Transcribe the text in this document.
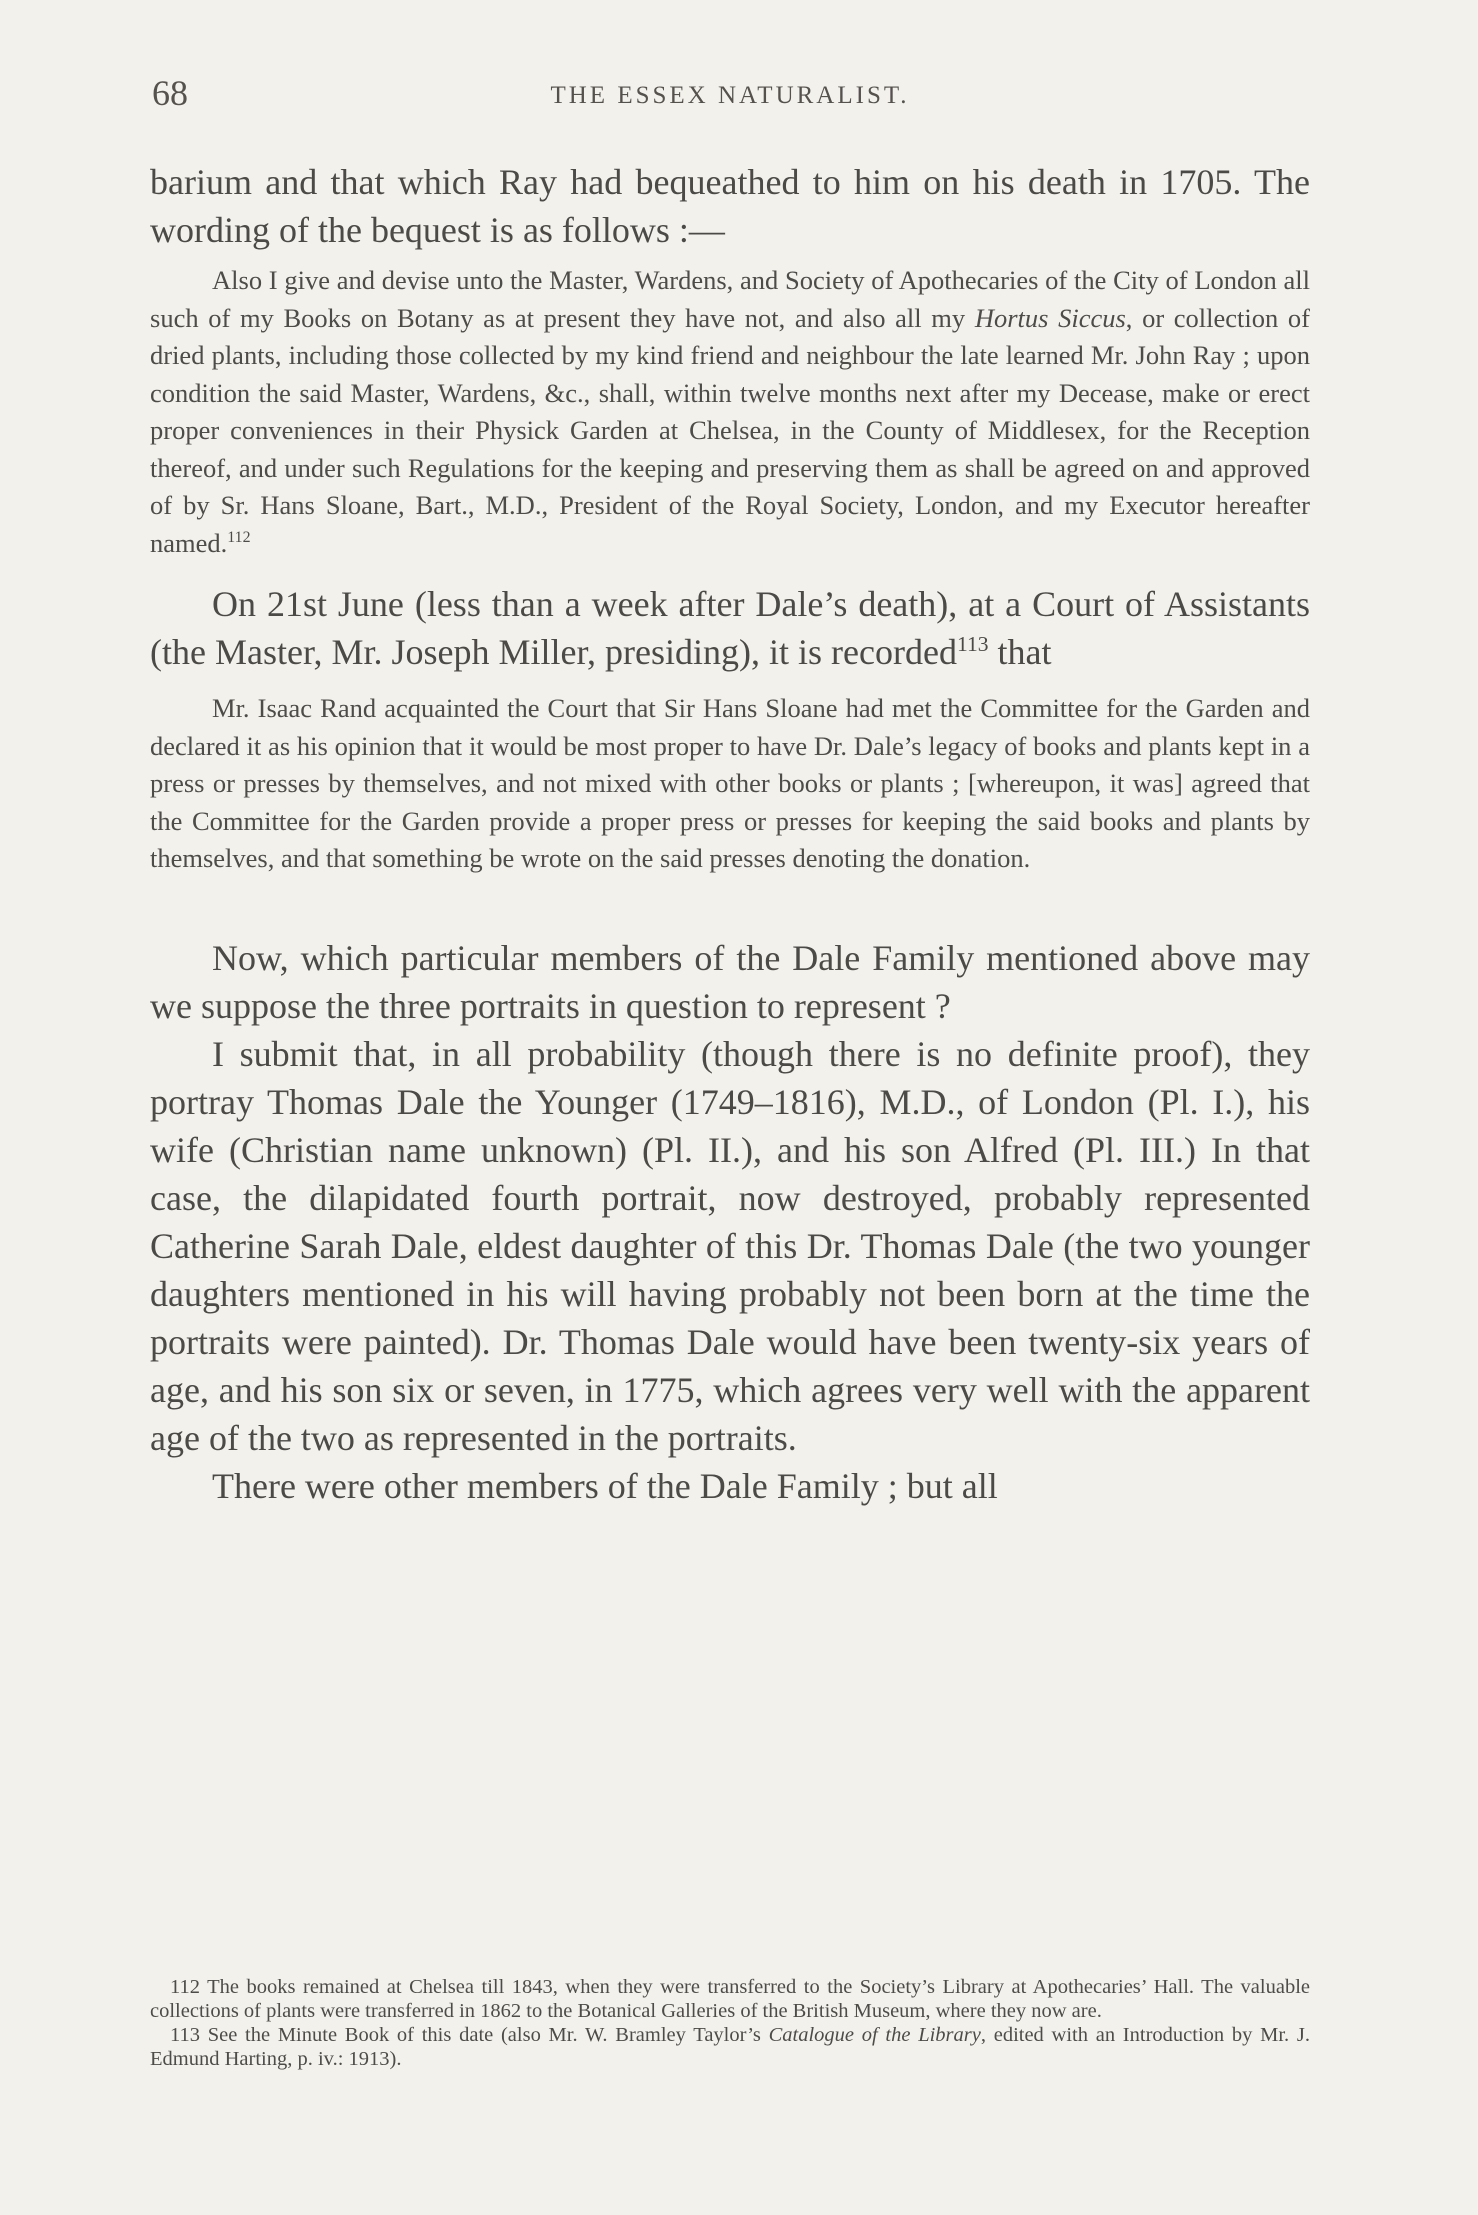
68	THE ESSEX NATURALIST.

barium and that which Ray had bequeathed to him on his death in 1705. The wording of the bequest is as follows :—

Also I give and devise unto the Master, Wardens, and Society of Apothecaries of the City of London all such of my Books on Botany as at present they have not, and also all my Hortus Siccus, or collection of dried plants, including those collected by my kind friend and neighbour the late learned Mr. John Ray ; upon condition the said Master, Wardens, &c., shall, within twelve months next after my Decease, make or erect proper conveniences in their Physick Garden at Chelsea, in the County of Middlesex, for the Reception thereof, and under such Regulations for the keeping and preserving them as shall be agreed on and approved of by Sr. Hans Sloane, Bart., M.D., President of the Royal Society, London, and my Executor hereafter named.$^{112}$

On 21st June (less than a week after Dale’s death), at a Court of Assistants (the Master, Mr. Joseph Miller, presiding), it is recorded$^{113}$ that

Mr. Isaac Rand acquainted the Court that Sir Hans Sloane had met the Committee for the Garden and declared it as his opinion that it would be most proper to have Dr. Dale’s legacy of books and plants kept in a press or presses by themselves, and not mixed with other books or plants ; [whereupon, it was] agreed that the Committee for the Garden provide a proper press or presses for keeping the said books and plants by themselves, and that something be wrote on the said presses denoting the donation.

Now, which particular members of the Dale Family mentioned above may we suppose the three portraits in question to represent ?

I submit that, in all probability (though there is no definite proof), they portray Thomas Dale the Younger (1749–1816), M.D., of London (Pl. I.), his wife (Christian name unknown) (Pl. II.), and his son Alfred (Pl. III.) In that case, the dilapidated fourth portrait, now destroyed, probably represented Catherine Sarah Dale, eldest daughter of this Dr. Thomas Dale (the two younger daughters mentioned in his will having probably not been born at the time the portraits were painted). Dr. Thomas Dale would have been twenty-six years of age, and his son six or seven, in 1775, which agrees very well with the apparent age of the two as represented in the portraits.

There were other members of the Dale Family ; but all

112 The books remained at Chelsea till 1843, when they were transferred to the Society’s Library at Apothecaries’ Hall. The valuable collections of plants were transferred in 1862 to the Botanical Galleries of the British Museum, where they now are.

113 See the Minute Book of this date (also Mr. W. Bramley Taylor’s Catalogue of the Library, edited with an Introduction by Mr. J. Edmund Harting, p. iv.: 1913).
